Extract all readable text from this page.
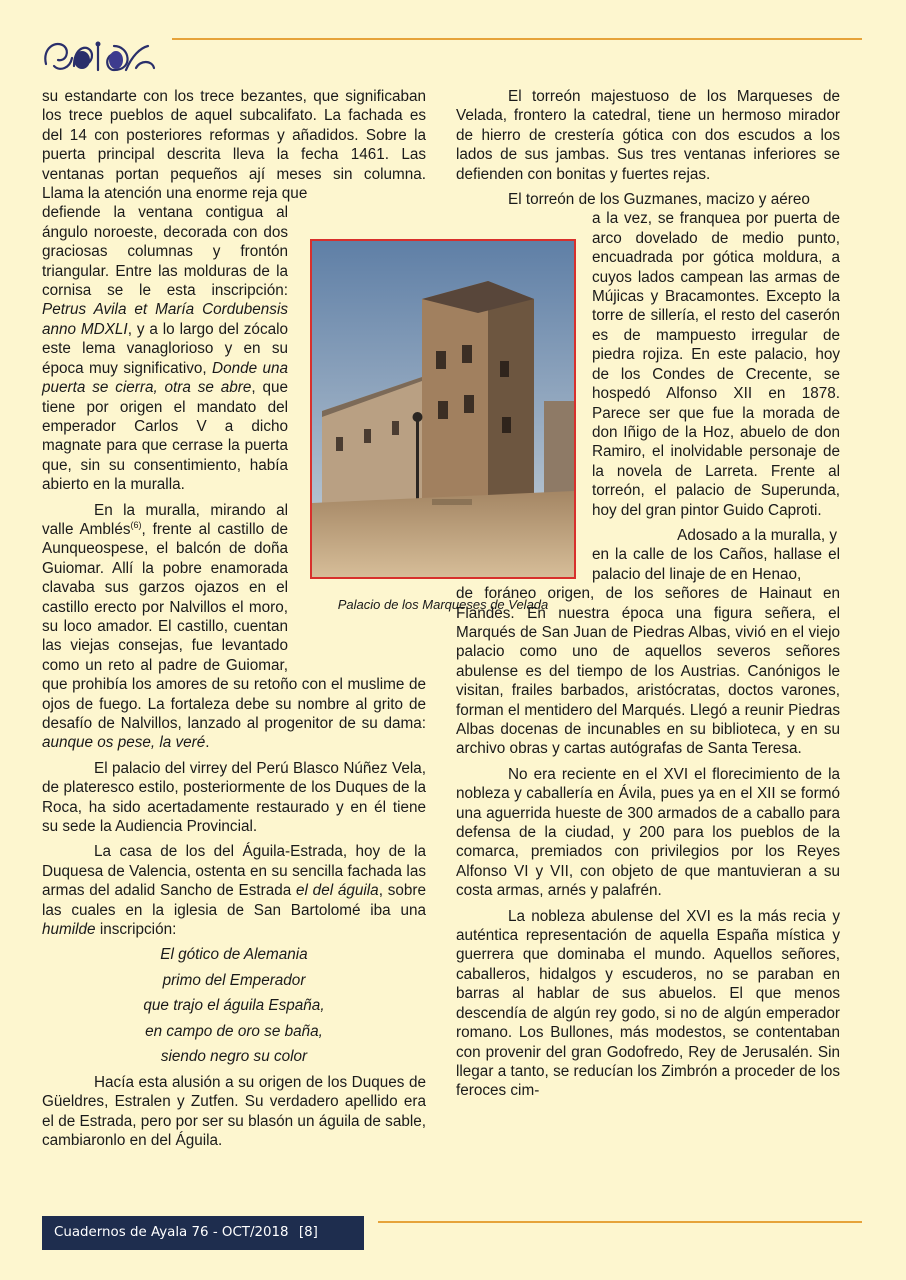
su estandarte con los trece bezantes, que significaban los trece pueblos de aquel subcalifato. La fachada es del 14 con posteriores reformas y añadidos. Sobre la puerta principal descrita lleva la fecha 1461. Las ventanas portan pequeños ají meses sin columna. Llama la atención una enorme reja que

defiende la ventana contigua al ángulo noroeste, decorada con dos graciosas columnas y frontón triangular. Entre las molduras de la cornisa se le esta inscripción: Petrus Avila et María Cordubensis anno MDXLI, y a lo largo del zócalo este lema vanaglorioso y en su época muy significativo, Donde una puerta se cierra, otra se abre, que tiene por origen el mandato del emperador Carlos V a dicho magnate para que cerrase la puerta que, sin su consentimiento, había abierto en la muralla.

En la muralla, mirando al valle Amblés$^{(6)}$, frente al castillo de Aunqueospese, el balcón de doña Guiomar. Allí la pobre enamorada clavaba sus garzos ojazos en el castillo erecto por Nalvillos el moro, su loco amador. El castillo, cuentan las viejas consejas, fue levantado como un reto al padre de Guiomar, que prohibía los amores de su retoño con el muslime de ojos de fuego. La fortaleza debe su nombre al grito de desafío de Nalvillos, lanzado al progenitor de su dama: aunque os pese, la veré.

El palacio del virrey del Perú Blasco Núñez Vela, de plateresco estilo, posteriormente de los Duques de la Roca, ha sido acertadamente restaurado y en él tiene su sede la Audiencia Provincial.

La casa de los del Águila-Estrada, hoy de la Duquesa de Valencia, ostenta en su sencilla fachada las armas del adalid Sancho de Estrada el del águila, sobre las cuales en la iglesia de San Bartolomé iba una humilde inscripción:

El gótico de Alemania
primo del Emperador
que trajo el águila España,
en campo de oro se baña,
siendo negro su color

Hacía esta alusión a su origen de los Duques de Güeldres, Estralen y Zutfen. Su verdadero apellido era el de Estrada, pero por ser su blasón un águila de sable, cambiaronlo en del Águila.

Palacio de los Marqueses de Velada

El torreón majestuoso de los Marqueses de Velada, frontero la catedral, tiene un hermoso mirador de hierro de crestería gótica con dos escudos a los lados de sus jambas. Sus tres ventanas inferiores se defienden con bonitas y fuertes rejas.

El torreón de los Guzmanes, macizo y aéreo

a la vez, se franquea por puerta de arco dovelado de medio punto, encuadrada por gótica moldura, a cuyos lados campean las armas de Mújicas y Bracamontes. Excepto la torre de sillería, el resto del caserón es de mampuesto irregular de piedra rojiza. En este palacio, hoy de los Condes de Crecente, se hospedó Alfonso XII en 1878. Parece ser que fue la morada de don Iñigo de la Hoz, abuelo de don Ramiro, el inolvidable personaje de la novela de Larreta. Frente al torreón, el palacio de Superunda, hoy del gran pintor Guido Caproti.

Adosado a la muralla, y

en la calle de los Caños, hallase el palacio del linaje de en Henao,

de foráneo origen, de los señores de Hainaut en Flandes. En nuestra época una figura señera, el Marqués de San Juan de Piedras Albas, vivió en el viejo palacio como uno de aquellos severos señores abulense es del tiempo de los Austrias. Canónigos le visitan, frailes barbados, aristócratas, doctos varones, forman el mentidero del Marqués. Llegó a reunir Piedras Albas docenas de incunables en su biblioteca, y en su archivo obras y cartas autógrafas de Santa Teresa.

No era reciente en el XVI el florecimiento de la nobleza y caballería en Ávila, pues ya en el XII se formó una aguerrida hueste de 300 armados de a caballo para defensa de la ciudad, y 200 para los pueblos de la comarca, premiados con privilegios por los Reyes Alfonso VI y VII, con objeto de que mantuvieran a su costa armas, arnés y palafrén.

La nobleza abulense del XVI es la más recia y auténtica representación de aquella España mística y guerrera que dominaba el mundo. Aquellos señores, caballeros, hidalgos y escuderos, no se paraban en barras al hablar de sus abuelos. El que menos descendía de algún rey godo, si no de algún emperador romano. Los Bullones, más modestos, se contentaban con provenir del gran Godofredo, Rey de Jerusalén. Sin llegar a tanto, se reducían los Zimbrón a proceder de los feroces cim-

Cuadernos de Ayala 76 - OCT/2018 [8]
